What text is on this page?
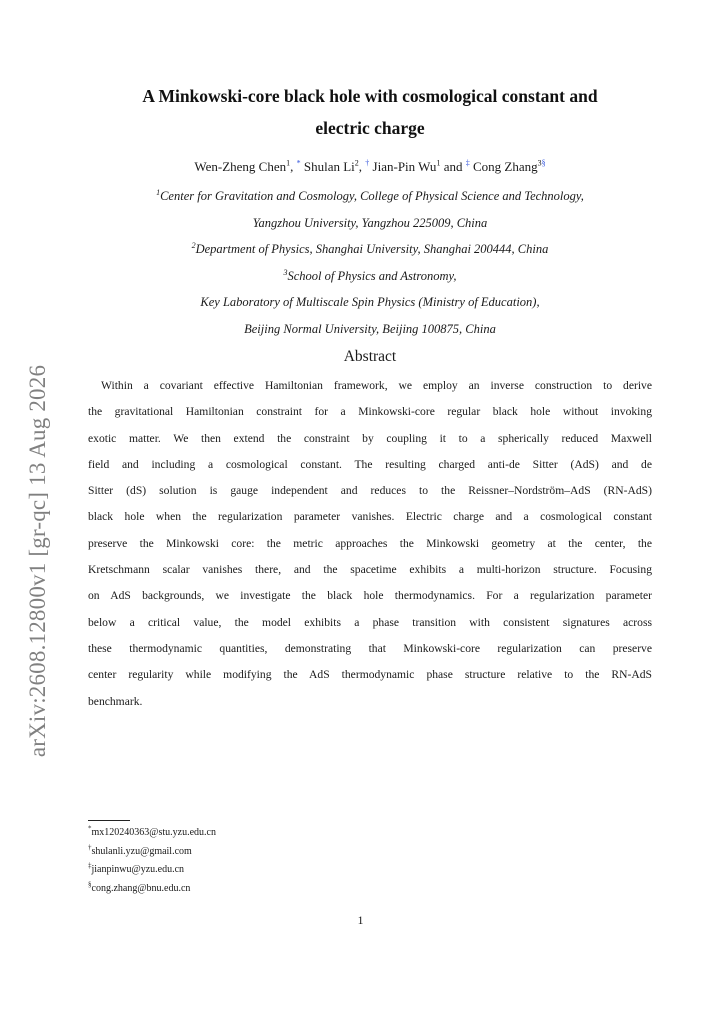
arXiv:2608.12800v1 [gr-qc] 13 Aug 2026
A Minkowski-core black hole with cosmological constant and
electric charge
Wen-Zheng Chen$^1$, * Shulan Li$^2$, † Jian-Pin Wu$^1$ and ‡ Cong Zhang$^{3\S}$
$^1$Center for Gravitation and Cosmology, College of Physical Science and Technology,
Yangzhou University, Yangzhou 225009, China
$^2$Department of Physics, Shanghai University, Shanghai 200444, China
$^3$School of Physics and Astronomy,
Key Laboratory of Multiscale Spin Physics (Ministry of Education),
Beijing Normal University, Beijing 100875, China
Abstract
Within a covariant effective Hamiltonian framework, we employ an inverse construction to derive
the gravitational Hamiltonian constraint for a Minkowski-core regular black hole without invoking
exotic matter. We then extend the constraint by coupling it to a spherically reduced Maxwell
field and including a cosmological constant. The resulting charged anti-de Sitter (AdS) and de
Sitter (dS) solution is gauge independent and reduces to the Reissner–Nordström–AdS (RN-AdS)
black hole when the regularization parameter vanishes. Electric charge and a cosmological constant
preserve the Minkowski core: the metric approaches the Minkowski geometry at the center, the
Kretschmann scalar vanishes there, and the spacetime exhibits a multi-horizon structure. Focusing
on AdS backgrounds, we investigate the black hole thermodynamics. For a regularization parameter
below a critical value, the model exhibits a phase transition with consistent signatures across
these thermodynamic quantities, demonstrating that Minkowski-core regularization can preserve
center regularity while modifying the AdS thermodynamic phase structure relative to the RN-AdS
benchmark.
*mx120240363@stu.yzu.edu.cn
†shulanli.yzu@gmail.com
‡jianpinwu@yzu.edu.cn
§cong.zhang@bnu.edu.cn
1
